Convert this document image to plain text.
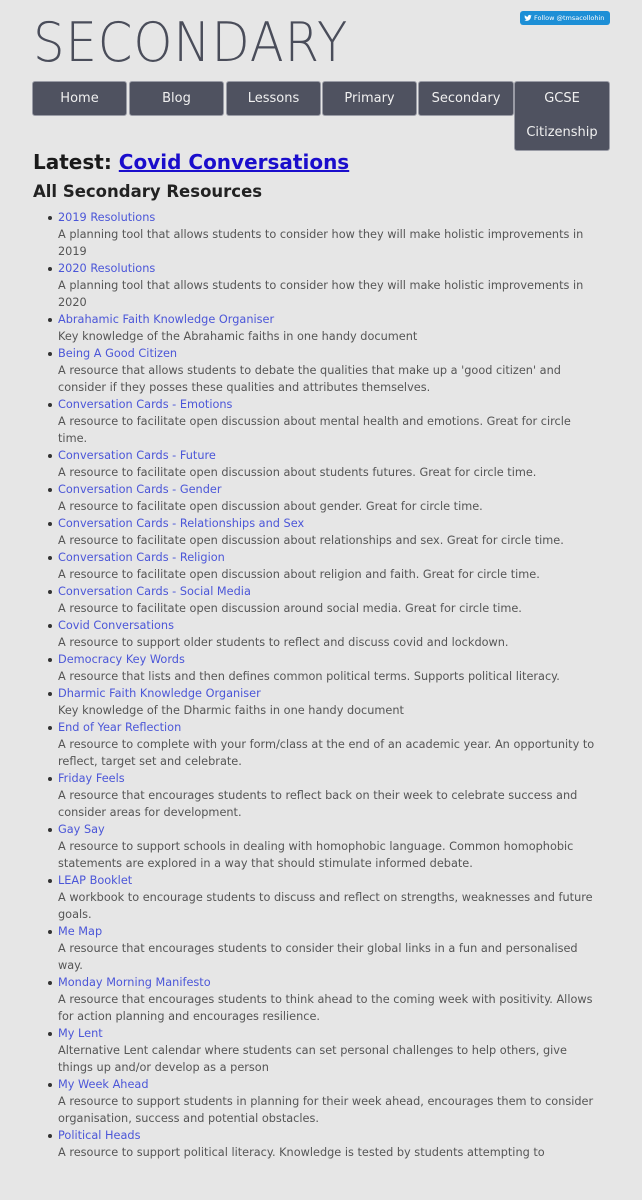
SECONDARY	Follow @tmsacollohin
Home	Blog	Lessons	Primary	Secondary	GCSE
Citizenship
Latest: Covid Conversations
All Secondary Resources
2019 Resolutions
A planning tool that allows students to consider how they will make holistic improvements in 2019
2020 Resolutions
A planning tool that allows students to consider how they will make holistic improvements in 2020
Abrahamic Faith Knowledge Organiser
Key knowledge of the Abrahamic faiths in one handy document
Being A Good Citizen
A resource that allows students to debate the qualities that make up a 'good citizen' and consider if they posses these qualities and attributes themselves.
Conversation Cards - Emotions
A resource to facilitate open discussion about mental health and emotions. Great for circle time.
Conversation Cards - Future
A resource to facilitate open discussion about students futures. Great for circle time.
Conversation Cards - Gender
A resource to facilitate open discussion about gender. Great for circle time.
Conversation Cards - Relationships and Sex
A resource to facilitate open discussion about relationships and sex. Great for circle time.
Conversation Cards - Religion
A resource to facilitate open discussion about religion and faith. Great for circle time.
Conversation Cards - Social Media
A resource to facilitate open discussion around social media. Great for circle time.
Covid Conversations
A resource to support older students to reflect and discuss covid and lockdown.
Democracy Key Words
A resource that lists and then defines common political terms. Supports political literacy.
Dharmic Faith Knowledge Organiser
Key knowledge of the Dharmic faiths in one handy document
End of Year Reflection
A resource to complete with your form/class at the end of an academic year. An opportunity to reflect, target set and celebrate.
Friday Feels
A resource that encourages students to reflect back on their week to celebrate success and consider areas for development.
Gay Say
A resource to support schools in dealing with homophobic language. Common homophobic statements are explored in a way that should stimulate informed debate.
LEAP Booklet
A workbook to encourage students to discuss and reflect on strengths, weaknesses and future goals.
Me Map
A resource that encourages students to consider their global links in a fun and personalised way.
Monday Morning Manifesto
A resource that encourages students to think ahead to the coming week with positivity. Allows for action planning and encourages resilience.
My Lent
Alternative Lent calendar where students can set personal challenges to help others, give things up and/or develop as a person
My Week Ahead
A resource to support students in planning for their week ahead, encourages them to consider organisation, success and potential obstacles.
Political Heads
A resource to support political literacy. Knowledge is tested by students attempting to
